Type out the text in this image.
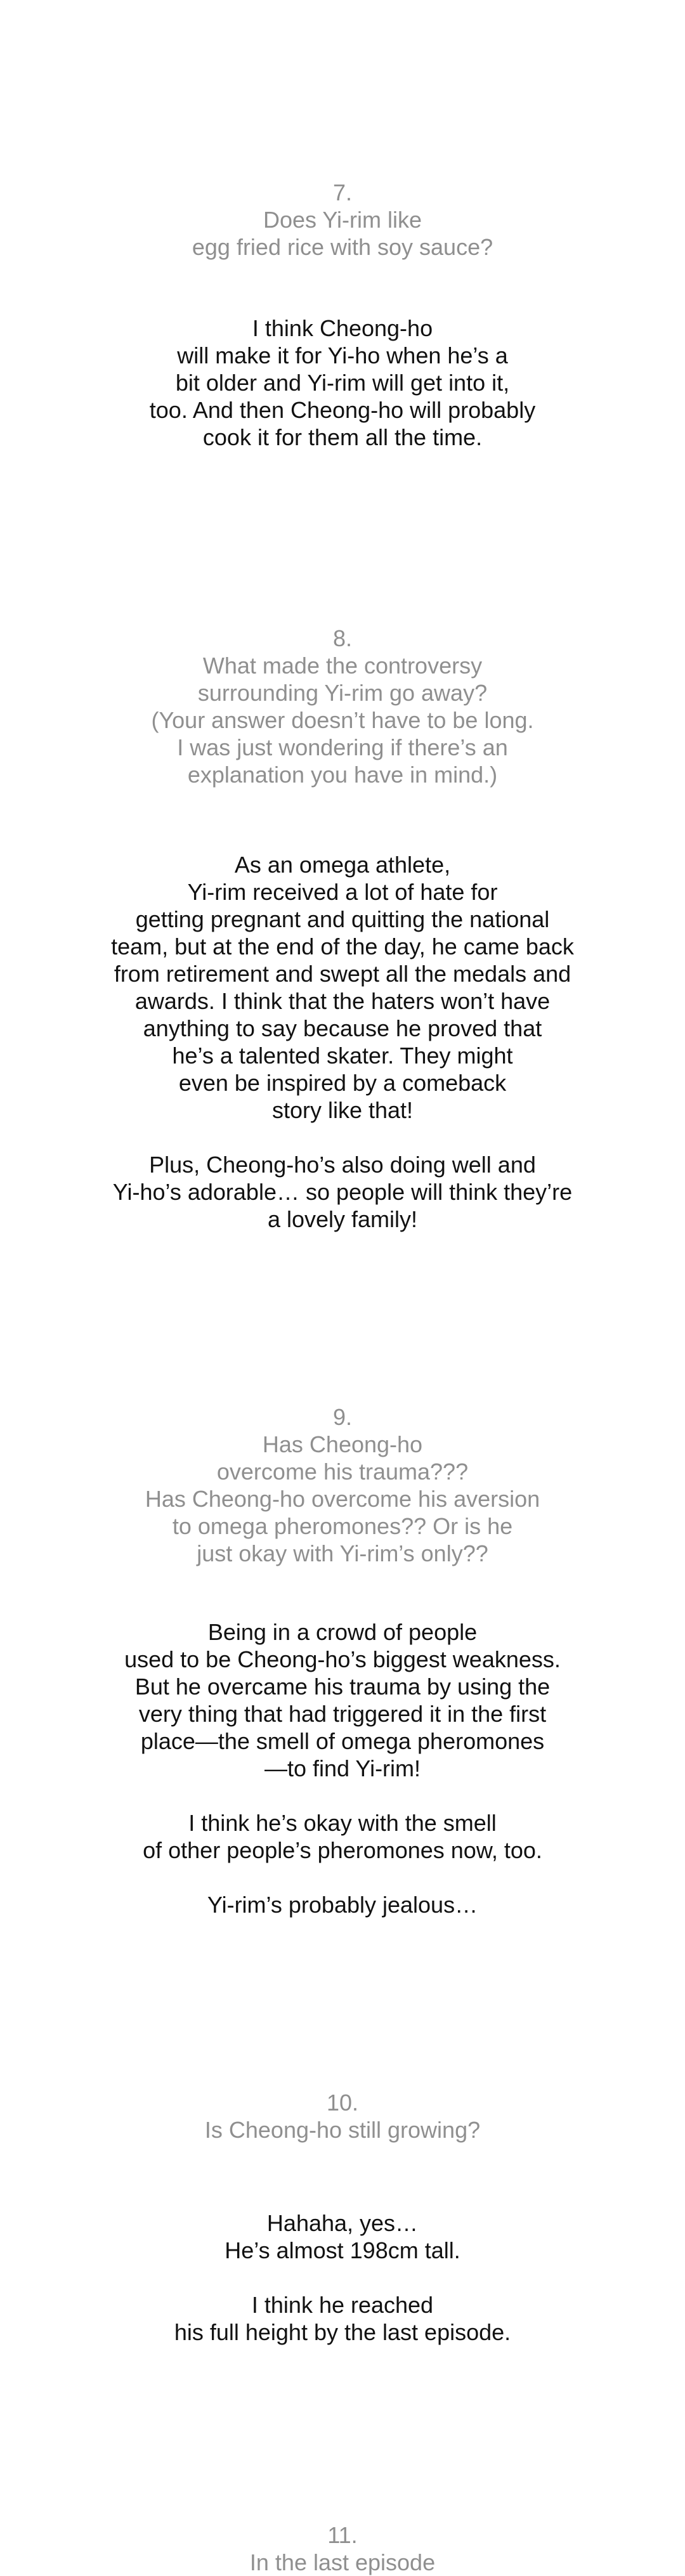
7.
Does Yi-rim like
egg fried rice with soy sauce?
I think Cheong-ho
will make it for Yi-ho when he’s a
bit older and Yi-rim will get into it,
too. And then Cheong-ho will probably
cook it for them all the time.
8.
What made the controversy
surrounding Yi-rim go away?
(Your answer doesn’t have to be long.
I was just wondering if there’s an
explanation you have in mind.)
As an omega athlete,
Yi-rim received a lot of hate for
getting pregnant and quitting the national
team, but at the end of the day, he came back
from retirement and swept all the medals and
awards. I think that the haters won’t have
anything to say because he proved that
he’s a talented skater. They might
even be inspired by a comeback
story like that!

Plus, Cheong-ho’s also doing well and
Yi-ho’s adorable… so people will think they’re
a lovely family!
9.
Has Cheong-ho
overcome his trauma???
Has Cheong-ho overcome his aversion
to omega pheromones?? Or is he
just okay with Yi-rim’s only??
Being in a crowd of people
used to be Cheong-ho’s biggest weakness.
But he overcame his trauma by using the
very thing that had triggered it in the first
place—the smell of omega pheromones
—to find Yi-rim!

I think he’s okay with the smell
of other people’s pheromones now, too.

Yi-rim’s probably jealous…
10.
Is Cheong-ho still growing?
Hahaha, yes…
He’s almost 198cm tall.

I think he reached
his full height by the last episode.
11.
In the last episode
